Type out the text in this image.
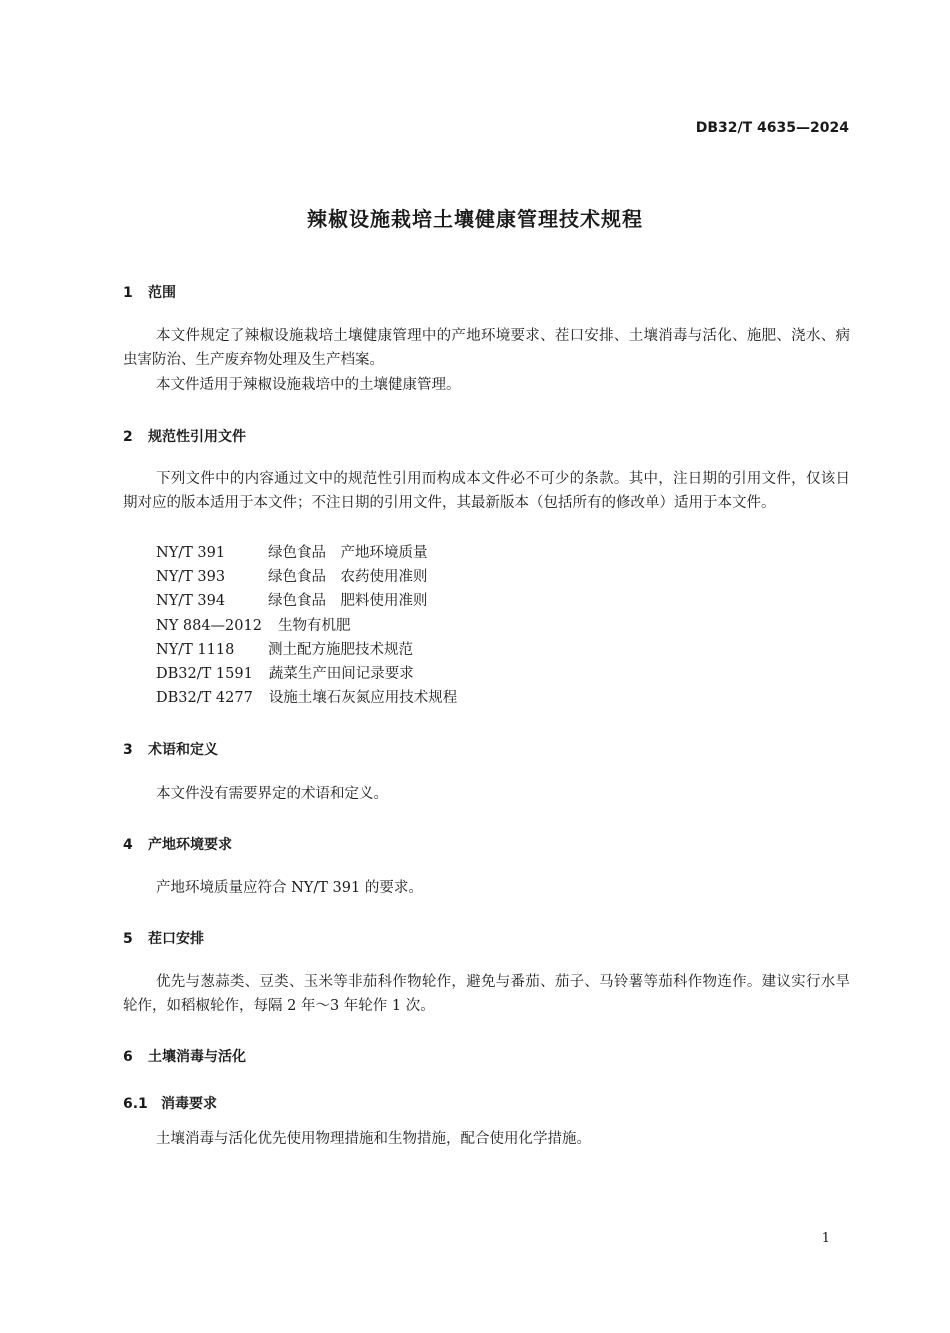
DB32/T 4635—2024
辣椒设施栽培土壤健康管理技术规程
1 范围
本文件规定了辣椒设施栽培土壤健康管理中的产地环境要求、茬口安排、土壤消毒与活化、施肥、浇水、病虫害防治、生产废弃物处理及生产档案。
本文件适用于辣椒设施栽培中的土壤健康管理。
2 规范性引用文件
下列文件中的内容通过文中的规范性引用而构成本文件必不可少的条款。其中，注日期的引用文件，仅该日期对应的版本适用于本文件；不注日期的引用文件，其最新版本（包括所有的修改单）适用于本文件。
NY/T 391	绿色食品　产地环境质量
NY/T 393	绿色食品　农药使用准则
NY/T 394	绿色食品　肥料使用准则
NY 884—2012 生物有机肥
NY/T 1118 测土配方施肥技术规范
DB32/T 1591 蔬菜生产田间记录要求
DB32/T 4277 设施土壤石灰氮应用技术规程
3 术语和定义
本文件没有需要界定的术语和定义。
4 产地环境要求
产地环境质量应符合 NY/T 391 的要求。
5 茬口安排
优先与葱蒜类、豆类、玉米等非茄科作物轮作，避免与番茄、茄子、马铃薯等茄科作物连作。建议实行水旱轮作，如稻椒轮作，每隔 2 年～3 年轮作 1 次。
6 土壤消毒与活化
6.1 消毒要求
土壤消毒与活化优先使用物理措施和生物措施，配合使用化学措施。
1
